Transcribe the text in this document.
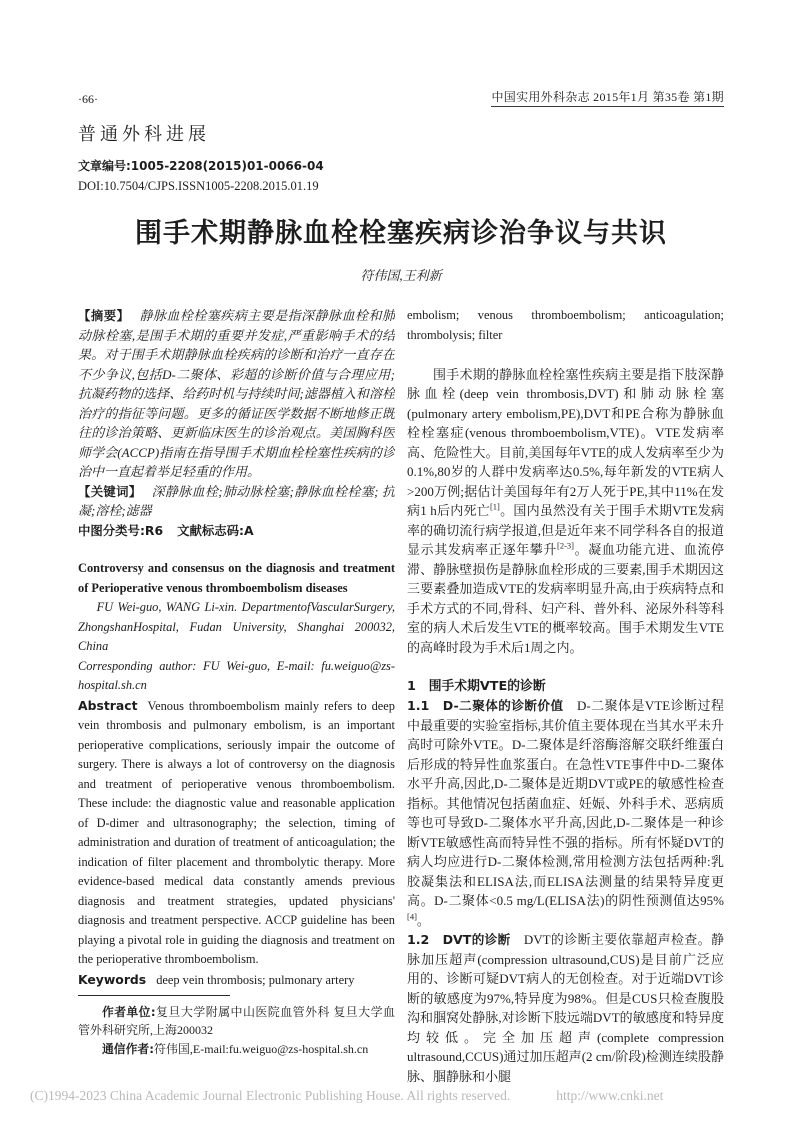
·66·	中国实用外科杂志 2015年1月 第35卷 第1期
普通外科进展
文章编号:1005-2208(2015)01-0066-04
DOI:10.7504/CJPS.ISSN1005-2208.2015.01.19
围手术期静脉血栓栓塞疾病诊治争议与共识
符伟国,王利新

【摘要】 静脉血栓栓塞疾病主要是指深静脉血栓和肺动脉栓塞,是围手术期的重要并发症,严重影响手术的结果。对于围手术期静脉血栓疾病的诊断和治疗一直存在不少争议,包括D-二聚体、彩超的诊断价值与合理应用;抗凝药物的选择、给药时机与持续时间;滤器植入和溶栓治疗的指征等问题。更多的循证医学数据不断地修正既往的诊治策略、更新临床医生的诊治观点。美国胸科医师学会(ACCP)指南在指导围手术期血栓栓塞性疾病的诊治中一直起着举足轻重的作用。

【关键词】 深静脉血栓;肺动脉栓塞;静脉血栓栓塞; 抗凝;溶栓;滤器

中图分类号:R6 文献标志码:A

Controversy and consensus on the diagnosis and treatment of Perioperative venous thromboembolism diseases

FU Wei-guo, WANG Li-xin. DepartmentofVascularSurgery, ZhongshanHospital, Fudan University, Shanghai 200032, China

Corresponding author: FU Wei-guo, E-mail: fu.weiguo@zs-hospital.sh.cn

Abstract Venous thromboembolism mainly refers to deep vein thrombosis and pulmonary embolism, is an important perioperative complications, seriously impair the outcome of surgery. There is always a lot of controversy on the diagnosis and treatment of perioperative venous thromboembolism. These include: the diagnostic value and reasonable application of D-dimer and ultrasonography; the selection, timing of administration and duration of treatment of anticoagulation; the indication of filter placement and thrombolytic therapy. More evidence-based medical data constantly amends previous diagnosis and treatment strategies, updated physicians' diagnosis and treatment perspective. ACCP guideline has been playing a pivotal role in guiding the diagnosis and treatment on the perioperative thromboembolism.

Keywords deep vein thrombosis; pulmonary artery

作者单位:复旦大学附属中山医院血管外科 复旦大学血管外科研究所,上海200032

通信作者:符伟国,E-mail:fu.weiguo@zs-hospital.sh.cn

embolism; venous thromboembolism; anticoagulation; thrombolysis; filter

围手术期的静脉血栓栓塞性疾病主要是指下肢深静脉血栓(deep vein thrombosis,DVT)和肺动脉栓塞(pulmonary artery embolism,PE),DVT和PE合称为静脉血栓栓塞症(venous thromboembolism,VTE)。VTE发病率高、危险性大。目前,美国每年VTE的成人发病率至少为0.1%,80岁的人群中发病率达0.5%,每年新发的VTE病人>200万例;据估计美国每年有2万人死于PE,其中11%在发病1 h后内死亡[1]。国内虽然没有关于围手术期VTE发病率的确切流行病学报道,但是近年来不同学科各自的报道显示其发病率正逐年攀升[2-3]。凝血功能亢进、血流停滞、静脉壁损伤是静脉血栓形成的三要素,围手术期因这三要素叠加造成VTE的发病率明显升高,由于疾病特点和手术方式的不同,骨科、妇产科、普外科、泌尿外科等科室的病人术后发生VTE的概率较高。围手术期发生VTE的高峰时段为手术后1周之内。

1　围手术期VTE的诊断

1.1　D-二聚体的诊断价值　D-二聚体是VTE诊断过程中最重要的实验室指标,其价值主要体现在当其水平未升高时可除外VTE。D-二聚体是纤溶酶溶解交联纤维蛋白后形成的特异性血浆蛋白。在急性VTE事件中D-二聚体水平升高,因此,D-二聚体是近期DVT或PE的敏感性检查指标。其他情况包括菌血症、妊娠、外科手术、恶病质等也可导致D-二聚体水平升高,因此,D-二聚体是一种诊断VTE敏感性高而特异性不强的指标。所有怀疑DVT的病人均应进行D-二聚体检测,常用检测方法包括两种:乳胶凝集法和ELISA法,而ELISA法测量的结果特异度更高。D-二聚体<0.5 mg/L(ELISA法)的阴性预测值达95%[4]。

1.2　DVT的诊断　DVT的诊断主要依靠超声检查。静脉加压超声(compression ultrasound,CUS)是目前广泛应用的、诊断可疑DVT病人的无创检查。对于近端DVT诊断的敏感度为97%,特异度为98%。但是CUS只检查腹股沟和腘窝处静脉,对诊断下肢远端DVT的敏感度和特异度均较低。完全加压超声(complete compression ultrasound,CCUS)通过加压超声(2 cm/阶段)检测连续股静脉、腘静脉和小腿

(C)1994-2023 China Academic Journal Electronic Publishing House. All rights reserved.	http://www.cnki.net
